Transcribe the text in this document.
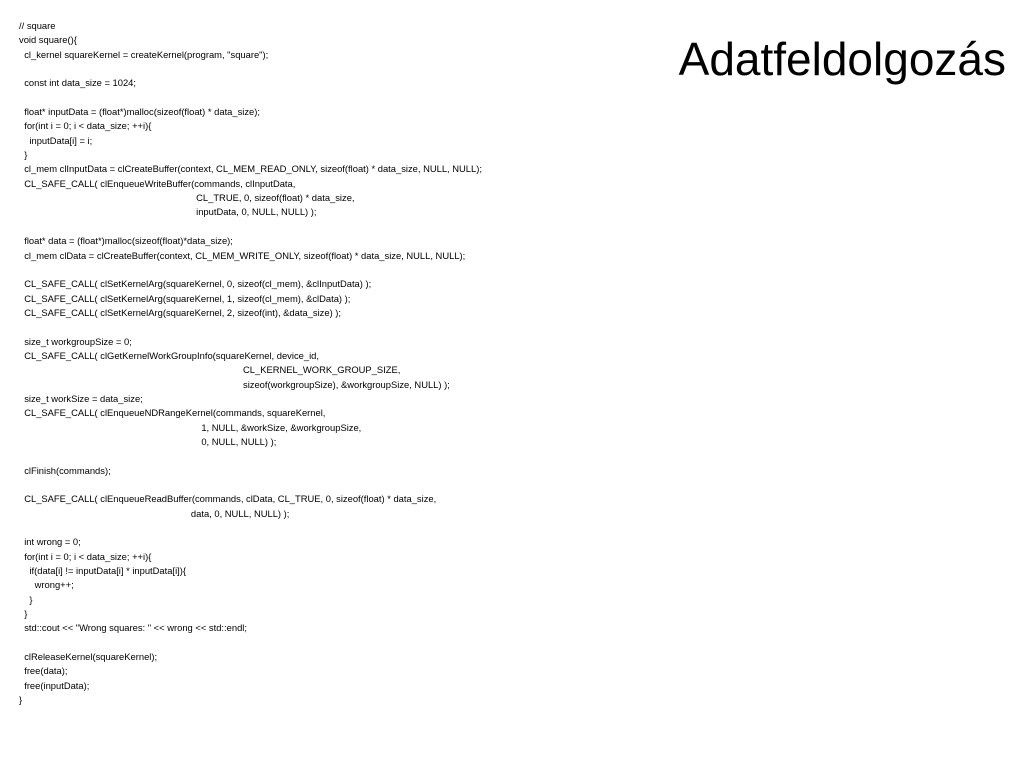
Adatfeldolgozás
// square
void square(){
cl_kernel squareKernel = createKernel(program, "square");
const int data_size = 1024;
float* inputData = (float*)malloc(sizeof(float) * data_size);
for(int i = 0; i < data_size; ++i){
inputData[i] = i;
}
cl_mem clInputData = clCreateBuffer(context, CL_MEM_READ_ONLY, sizeof(float) * data_size, NULL, NULL);
CL_SAFE_CALL( clEnqueueWriteBuffer(commands, clInputData,
CL_TRUE, 0, sizeof(float) * data_size,
inputData, 0, NULL, NULL) );
float* data = (float*)malloc(sizeof(float)*data_size);
cl_mem clData = clCreateBuffer(context, CL_MEM_WRITE_ONLY, sizeof(float) * data_size, NULL, NULL);
CL_SAFE_CALL( clSetKernelArg(squareKernel, 0, sizeof(cl_mem), &clInputData) );
CL_SAFE_CALL( clSetKernelArg(squareKernel, 1, sizeof(cl_mem), &clData) );
CL_SAFE_CALL( clSetKernelArg(squareKernel, 2, sizeof(int), &data_size) );
size_t workgroupSize = 0;
CL_SAFE_CALL( clGetKernelWorkGroupInfo(squareKernel, device_id,
CL_KERNEL_WORK_GROUP_SIZE,
sizeof(workgroupSize), &workgroupSize, NULL) );
size_t workSize = data_size;
CL_SAFE_CALL( clEnqueueNDRangeKernel(commands, squareKernel,
1, NULL, &workSize, &workgroupSize,
0, NULL, NULL) );
clFinish(commands);
CL_SAFE_CALL( clEnqueueReadBuffer(commands, clData, CL_TRUE, 0, sizeof(float) * data_size,
data, 0, NULL, NULL) );
int wrong = 0;
for(int i = 0; i < data_size; ++i){
if(data[i] != inputData[i] * inputData[i]){
wrong++;
}
}
std::cout << "Wrong squares: " << wrong << std::endl;
clReleaseKernel(squareKernel);
free(data);
free(inputData);
}
